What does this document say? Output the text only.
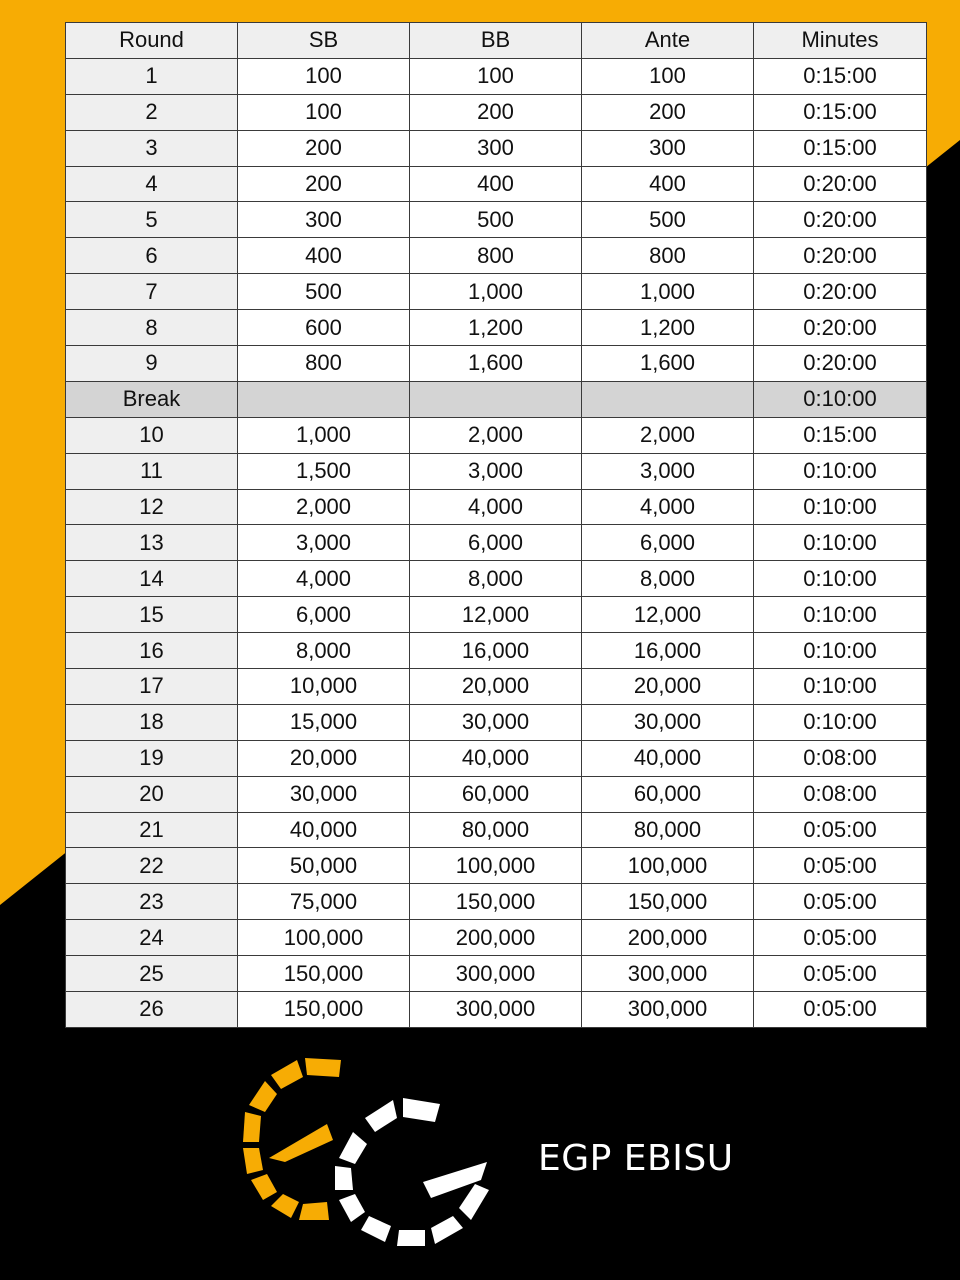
Round	SB	BB	Ante	Minutes
1	100	100	100	0:15:00
2	100	200	200	0:15:00
3	200	300	300	0:15:00
4	200	400	400	0:20:00
5	300	500	500	0:20:00
6	400	800	800	0:20:00
7	500	1,000	1,000	0:20:00
8	600	1,200	1,200	0:20:00
9	800	1,600	1,600	0:20:00
Break				0:10:00
10	1,000	2,000	2,000	0:15:00
11	1,500	3,000	3,000	0:10:00
12	2,000	4,000	4,000	0:10:00
13	3,000	6,000	6,000	0:10:00
14	4,000	8,000	8,000	0:10:00
15	6,000	12,000	12,000	0:10:00
16	8,000	16,000	16,000	0:10:00
17	10,000	20,000	20,000	0:10:00
18	15,000	30,000	30,000	0:10:00
19	20,000	40,000	40,000	0:08:00
20	30,000	60,000	60,000	0:08:00
21	40,000	80,000	80,000	0:05:00
22	50,000	100,000	100,000	0:05:00
23	75,000	150,000	150,000	0:05:00
24	100,000	200,000	200,000	0:05:00
25	150,000	300,000	300,000	0:05:00
26	150,000	300,000	300,000	0:05:00
EGP EBISU
